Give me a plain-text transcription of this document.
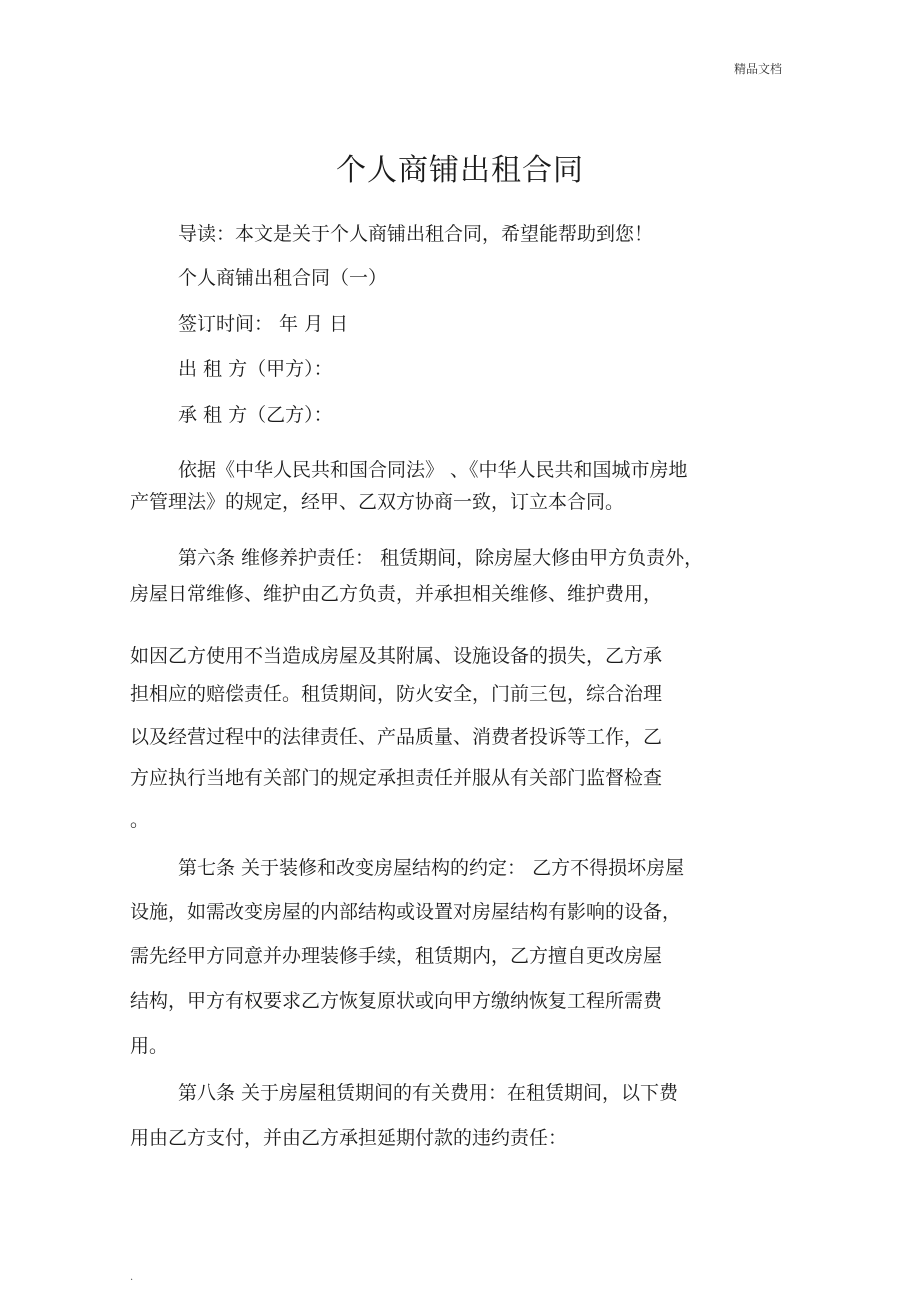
精品文档
个人商铺出租合同
导读：本文是关于个人商铺出租合同，希望能帮助到您！
个人商铺出租合同（一）
签订时间： 年 月 日
出 租 方（甲方）：
承 租 方（乙方）：
依据《中华人民共和国合同法》 、《中华人民共和国城市房地
产管理法》的规定，经甲、乙双方协商一致，订立本合同。
第六条 维修养护责任： 租赁期间，除房屋大修由甲方负责外，
房屋日常维修、维护由乙方负责，并承担相关维修、维护费用，
如因乙方使用不当造成房屋及其附属、设施设备的损失，乙方承
担相应的赔偿责任。租赁期间，防火安全，门前三包，综合治理
以及经营过程中的法律责任、产品质量、消费者投诉等工作，乙
方应执行当地有关部门的规定承担责任并服从有关部门监督检查
。
第七条 关于装修和改变房屋结构的约定： 乙方不得损坏房屋
设施，如需改变房屋的内部结构或设置对房屋结构有影响的设备，
需先经甲方同意并办理装修手续，租赁期内，乙方擅自更改房屋
结构，甲方有权要求乙方恢复原状或向甲方缴纳恢复工程所需费
用。
第八条 关于房屋租赁期间的有关费用：在租赁期间，以下费
用由乙方支付，并由乙方承担延期付款的违约责任：
.
